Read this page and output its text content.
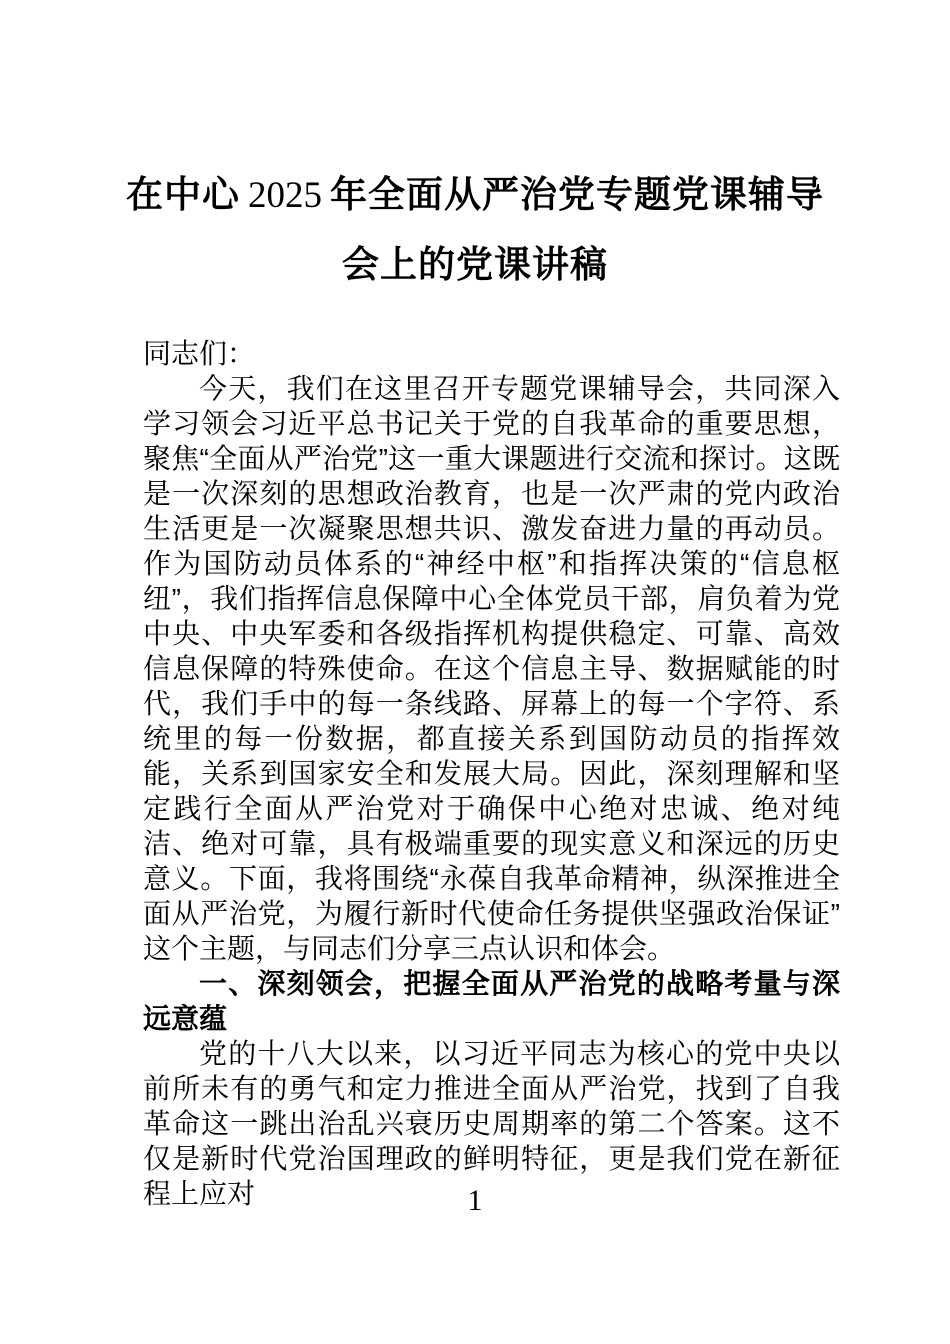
在中心 2025 年全面从严治党专题党课辅导
会上的党课讲稿

同志们：

今天，我们在这里召开专题党课辅导会，共同深入学习领会习近平总书记关于党的自我革命的重要思想，聚焦“全面从严治党”这一重大课题进行交流和探讨。这既是一次深刻的思想政治教育，也是一次严肃的党内政治生活更是一次凝聚思想共识、激发奋进力量的再动员。作为国防动员体系的“神经中枢”和指挥决策的“信息枢纽”，我们指挥信息保障中心全体党员干部，肩负着为党中央、中央军委和各级指挥机构提供稳定、可靠、高效信息保障的特殊使命。在这个信息主导、数据赋能的时代，我们手中的每一条线路、屏幕上的每一个字符、系统里的每一份数据，都直接关系到国防动员的指挥效能，关系到国家安全和发展大局。因此，深刻理解和坚定践行全面从严治党对于确保中心绝对忠诚、绝对纯洁、绝对可靠，具有极端重要的现实意义和深远的历史意义。下面，我将围绕“永葆自我革命精神，纵深推进全面从严治党，为履行新时代使命任务提供坚强政治保证”这个主题，与同志们分享三点认识和体会。

一、深刻领会，把握全面从严治党的战略考量与深远意蕴

党的十八大以来，以习近平同志为核心的党中央以前所未有的勇气和定力推进全面从严治党，找到了自我革命这一跳出治乱兴衰历史周期率的第二个答案。这不仅是新时代党治国理政的鲜明特征，更是我们党在新征程上应对	1
